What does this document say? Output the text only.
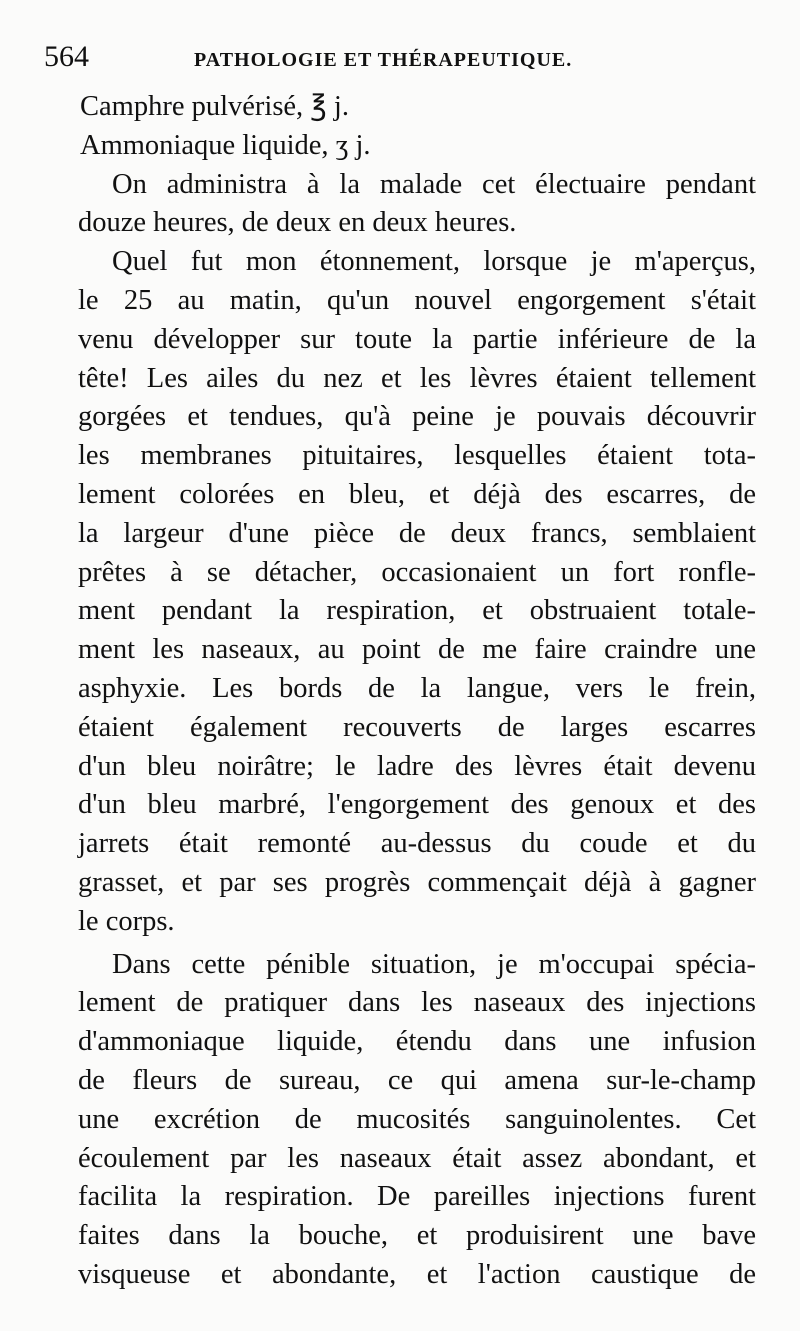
564	PATHOLOGIE ET THÉRAPEUTIQUE.
Camphre pulvérisé, ℥ j.
Ammoniaque liquide, ʒ j.
On administra à la malade cet électuaire pendant
douze heures, de deux en deux heures.
Quel fut mon étonnement, lorsque je m'aperçus,
le 25 au matin, qu'un nouvel engorgement s'était
venu développer sur toute la partie inférieure de la
tête! Les ailes du nez et les lèvres étaient tellement
gorgées et tendues, qu'à peine je pouvais découvrir
les membranes pituitaires, lesquelles étaient tota-
lement colorées en bleu, et déjà des escarres, de
la largeur d'une pièce de deux francs, semblaient
prêtes à se détacher, occasionaient un fort ronfle-
ment pendant la respiration, et obstruaient totale-
ment les naseaux, au point de me faire craindre une
asphyxie. Les bords de la langue, vers le frein,
étaient également recouverts de larges escarres
d'un bleu noirâtre; le ladre des lèvres était devenu
d'un bleu marbré, l'engorgement des genoux et des
jarrets était remonté au-dessus du coude et du
grasset, et par ses progrès commençait déjà à gagner
le corps.
Dans cette pénible situation, je m'occupai spécia-
lement de pratiquer dans les naseaux des injections
d'ammoniaque liquide, étendu dans une infusion
de fleurs de sureau, ce qui amena sur-le-champ
une excrétion de mucosités sanguinolentes. Cet
écoulement par les naseaux était assez abondant, et
facilita la respiration. De pareilles injections furent
faites dans la bouche, et produisirent une bave
visqueuse et abondante, et l'action caustique de
